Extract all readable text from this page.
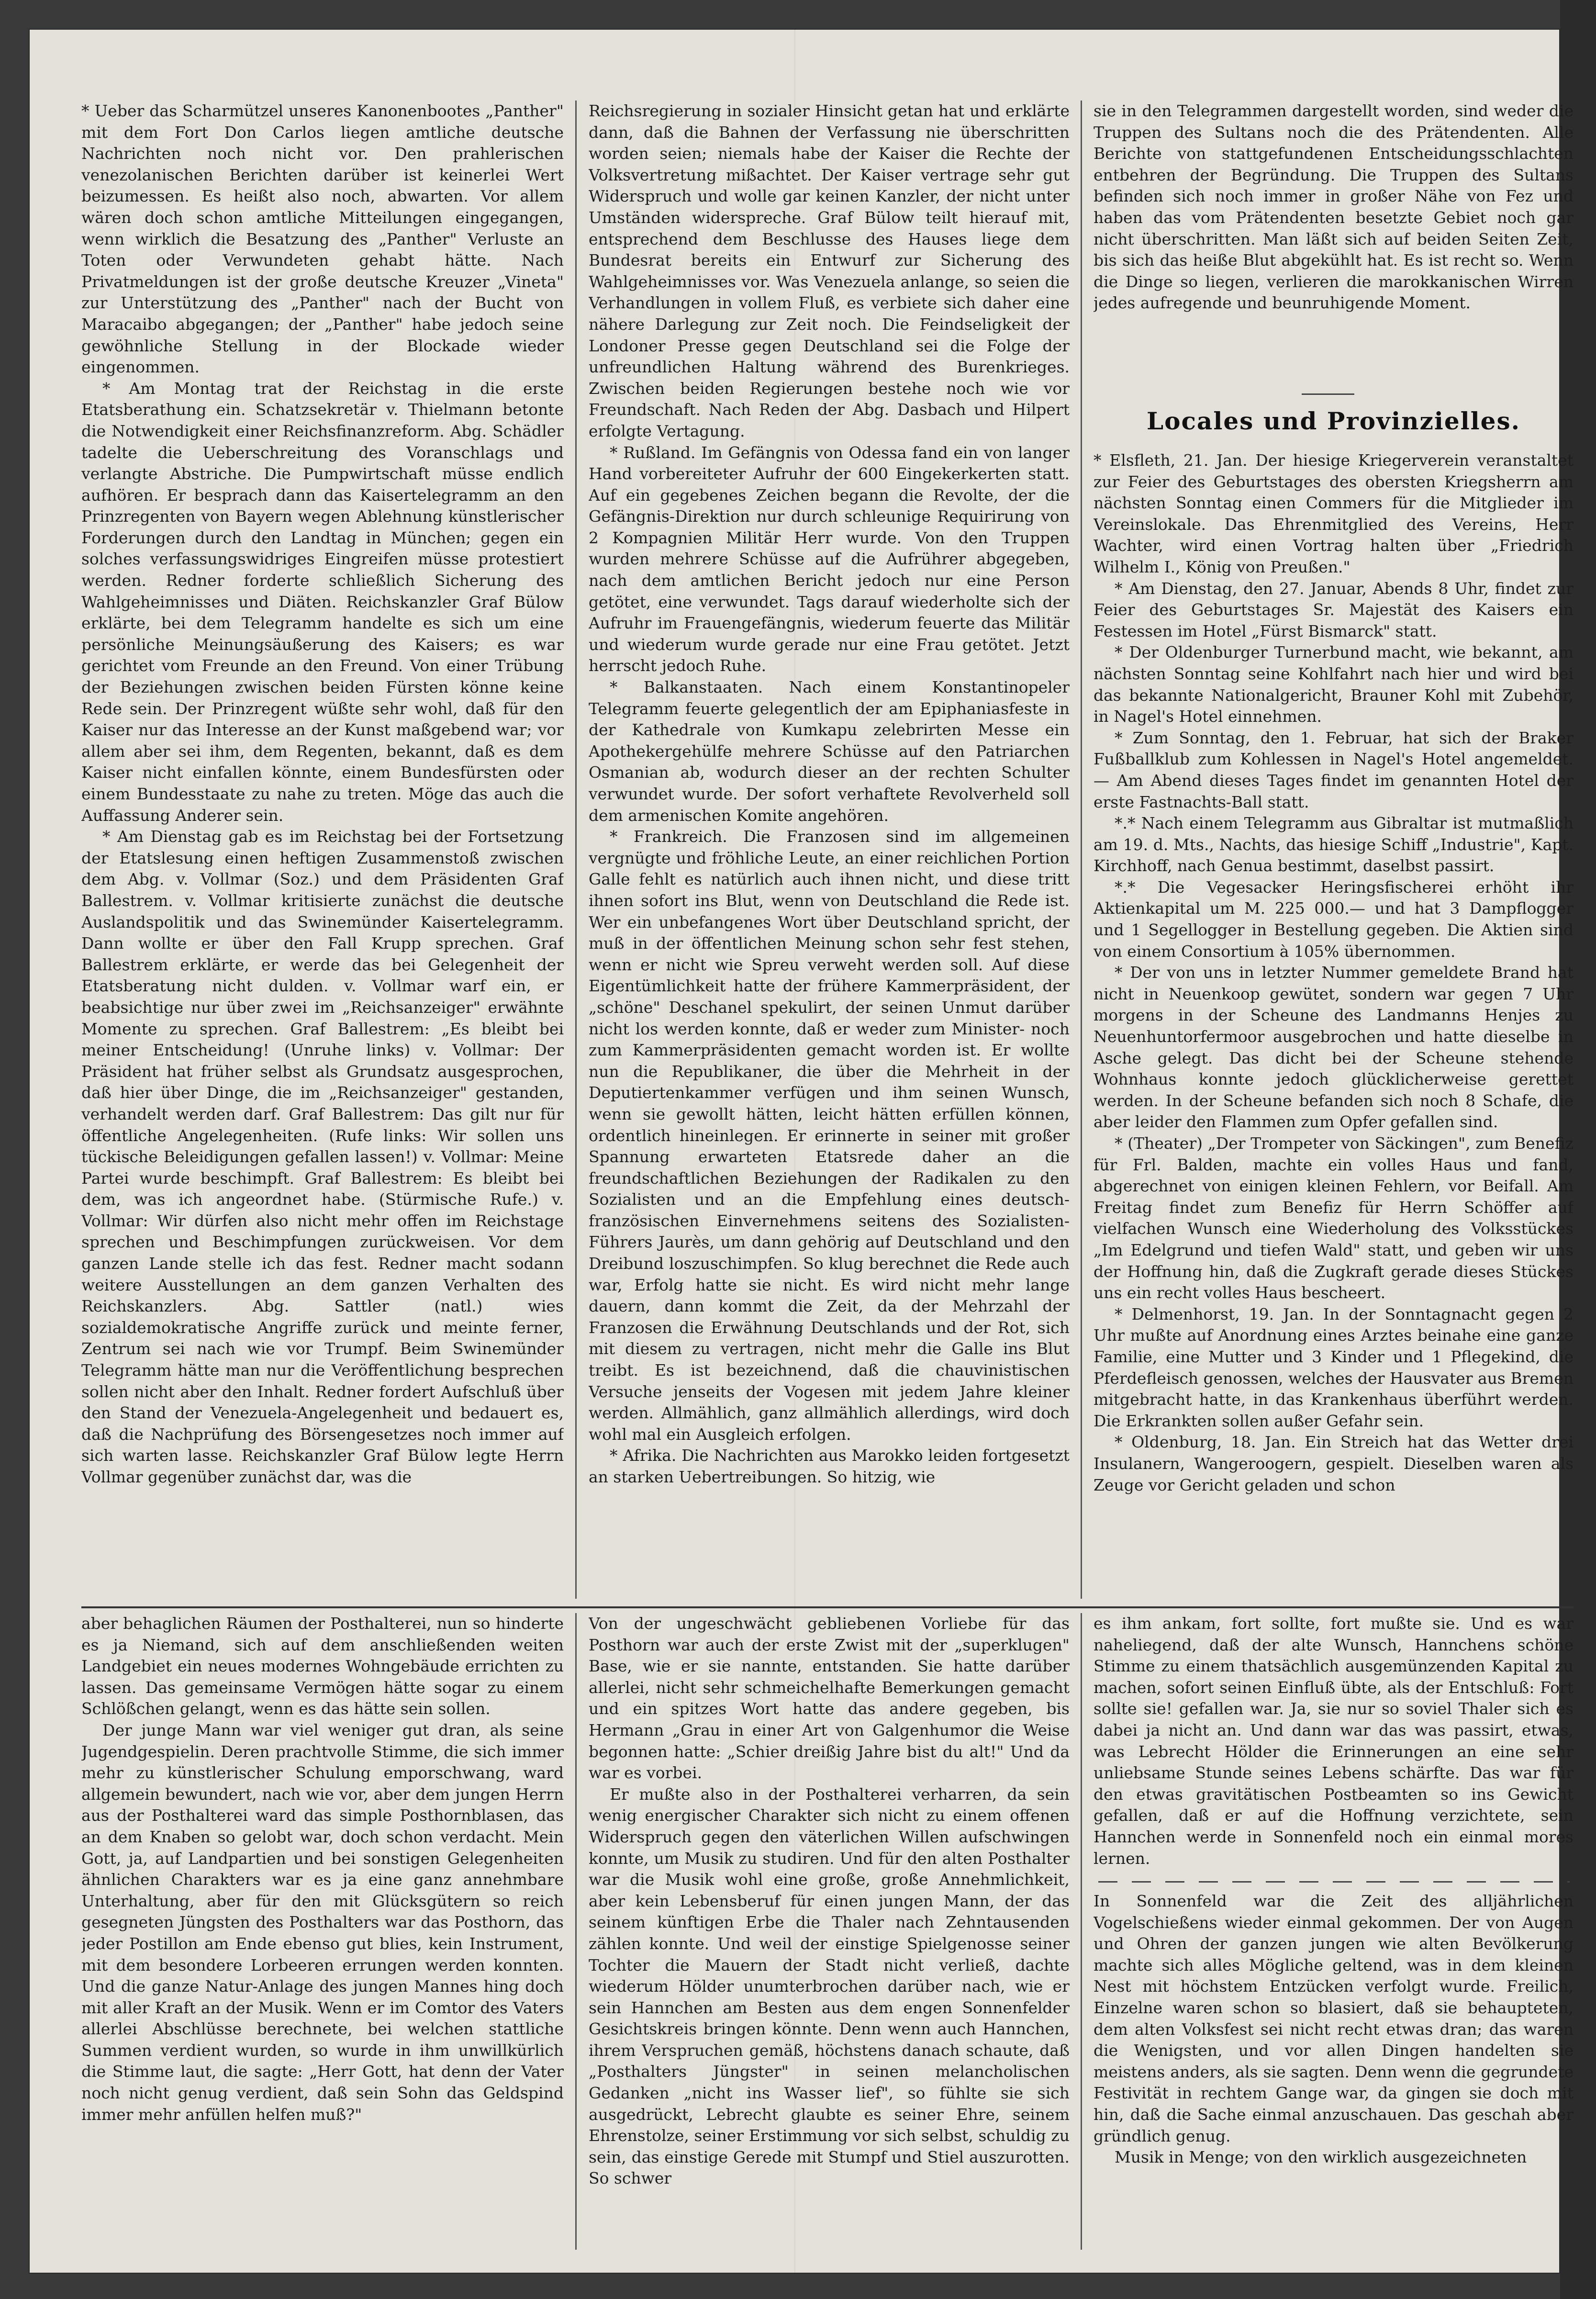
* Ueber das Scharmützel unseres Kanonenbootes „Panther" mit dem Fort Don Carlos liegen amtliche deutsche Nachrichten noch nicht vor. Den prahlerischen venezolanischen Berichten darüber ist keinerlei Wert beizumessen. Es heißt also noch, abwarten. Vor allem wären doch schon amtliche Mitteilungen eingegangen, wenn wirklich die Besatzung des „Panther" Verluste an Toten oder Verwundeten gehabt hätte. Nach Privatmeldungen ist der große deutsche Kreuzer „Vineta" zur Unterstützung des „Panther" nach der Bucht von Maracaibo abgegangen; der „Panther" habe jedoch seine gewöhnliche Stellung in der Blockade wieder eingenommen.

* Am Montag trat der Reichstag in die erste Etatsberathung ein. Schatzsekretär v. Thielmann betonte die Notwendigkeit einer Reichsfinanzreform. Abg. Schädler tadelte die Ueberschreitung des Voranschlags und verlangte Abstriche. Die Pumpwirtschaft müsse endlich aufhören. Er besprach dann das Kaisertelegramm an den Prinzregenten von Bayern wegen Ablehnung künstlerischer Forderungen durch den Landtag in München; gegen ein solches verfassungswidriges Eingreifen müsse protestiert werden. Redner forderte schließlich Sicherung des Wahlgeheimnisses und Diäten. Reichskanzler Graf Bülow erklärte, bei dem Telegramm handelte es sich um eine persönliche Meinungsäußerung des Kaisers; es war gerichtet vom Freunde an den Freund. Von einer Trübung der Beziehungen zwischen beiden Fürsten könne keine Rede sein. Der Prinzregent wüßte sehr wohl, daß für den Kaiser nur das Interesse an der Kunst maßgebend war; vor allem aber sei ihm, dem Regenten, bekannt, daß es dem Kaiser nicht einfallen könnte, einem Bundesfürsten oder einem Bundesstaate zu nahe zu treten. Möge das auch die Auffassung Anderer sein.

* Am Dienstag gab es im Reichstag bei der Fortsetzung der Etatslesung einen heftigen Zusammenstoß zwischen dem Abg. v. Vollmar (Soz.) und dem Präsidenten Graf Ballestrem. v. Vollmar kritisierte zunächst die deutsche Auslandspolitik und das Swinemünder Kaisertelegramm. Dann wollte er über den Fall Krupp sprechen. Graf Ballestrem erklärte, er werde das bei Gelegenheit der Etatsberatung nicht dulden. v. Vollmar warf ein, er beabsichtige nur über zwei im „Reichsanzeiger" erwähnte Momente zu sprechen. Graf Ballestrem: „Es bleibt bei meiner Entscheidung! (Unruhe links) v. Vollmar: Der Präsident hat früher selbst als Grundsatz ausgesprochen, daß hier über Dinge, die im „Reichsanzeiger" gestanden, verhandelt werden darf. Graf Ballestrem: Das gilt nur für öffentliche Angelegenheiten. (Rufe links: Wir sollen uns tückische Beleidigungen gefallen lassen!) v. Vollmar: Meine Partei wurde beschimpft. Graf Ballestrem: Es bleibt bei dem, was ich angeordnet habe. (Stürmische Rufe.) v. Vollmar: Wir dürfen also nicht mehr offen im Reichstage sprechen und Beschimpfungen zurückweisen. Vor dem ganzen Lande stelle ich das fest. Redner macht sodann weitere Ausstellungen an dem ganzen Verhalten des Reichskanzlers. Abg. Sattler (natl.) wies sozialdemokratische Angriffe zurück und meinte ferner, Zentrum sei nach wie vor Trumpf. Beim Swinemünder Telegramm hätte man nur die Veröffentlichung besprechen sollen nicht aber den Inhalt. Redner fordert Aufschluß über den Stand der Venezuela-Angelegenheit und bedauert es, daß die Nachprüfung des Börsengesetzes noch immer auf sich warten lasse. Reichskanzler Graf Bülow legte Herrn Vollmar gegenüber zunächst dar, was die

Reichsregierung in sozialer Hinsicht getan hat und erklärte dann, daß die Bahnen der Verfassung nie überschritten worden seien; niemals habe der Kaiser die Rechte der Volksvertretung mißachtet. Der Kaiser vertrage sehr gut Widerspruch und wolle gar keinen Kanzler, der nicht unter Umständen widerspreche. Graf Bülow teilt hierauf mit, entsprechend dem Beschlusse des Hauses liege dem Bundesrat bereits ein Entwurf zur Sicherung des Wahlgeheimnisses vor. Was Venezuela anlange, so seien die Verhandlungen in vollem Fluß, es verbiete sich daher eine nähere Darlegung zur Zeit noch. Die Feindseligkeit der Londoner Presse gegen Deutschland sei die Folge der unfreundlichen Haltung während des Burenkrieges. Zwischen beiden Regierungen bestehe noch wie vor Freundschaft. Nach Reden der Abg. Dasbach und Hilpert erfolgte Vertagung.

* Rußland. Im Gefängnis von Odessa fand ein von langer Hand vorbereiteter Aufruhr der 600 Eingekerkerten statt. Auf ein gegebenes Zeichen begann die Revolte, der die Gefängnis-Direktion nur durch schleunige Requirirung von 2 Kompagnien Militär Herr wurde. Von den Truppen wurden mehrere Schüsse auf die Aufrührer abgegeben, nach dem amtlichen Bericht jedoch nur eine Person getötet, eine verwundet. Tags darauf wiederholte sich der Aufruhr im Frauengefängnis, wiederum feuerte das Militär und wiederum wurde gerade nur eine Frau getötet. Jetzt herrscht jedoch Ruhe.

* Balkanstaaten. Nach einem Konstantinopeler Telegramm feuerte gelegentlich der am Epiphaniasfeste in der Kathedrale von Kumkapu zelebrirten Messe ein Apothekergehülfe mehrere Schüsse auf den Patriarchen Osmanian ab, wodurch dieser an der rechten Schulter verwundet wurde. Der sofort verhaftete Revolverheld soll dem armenischen Komite angehören.

* Frankreich. Die Franzosen sind im allgemeinen vergnügte und fröhliche Leute, an einer reichlichen Portion Galle fehlt es natürlich auch ihnen nicht, und diese tritt ihnen sofort ins Blut, wenn von Deutschland die Rede ist. Wer ein unbefangenes Wort über Deutschland spricht, der muß in der öffentlichen Meinung schon sehr fest stehen, wenn er nicht wie Spreu verweht werden soll. Auf diese Eigentümlichkeit hatte der frühere Kammerpräsident, der „schöne" Deschanel spekulirt, der seinen Unmut darüber nicht los werden konnte, daß er weder zum Minister- noch zum Kammerpräsidenten gemacht worden ist. Er wollte nun die Republikaner, die über die Mehrheit in der Deputiertenkammer verfügen und ihm seinen Wunsch, wenn sie gewollt hätten, leicht hätten erfüllen können, ordentlich hineinlegen. Er erinnerte in seiner mit großer Spannung erwarteten Etatsrede daher an die freundschaftlichen Beziehungen der Radikalen zu den Sozialisten und an die Empfehlung eines deutsch-französischen Einvernehmens seitens des Sozialisten-Führers Jaurès, um dann gehörig auf Deutschland und den Dreibund loszuschimpfen. So klug berechnet die Rede auch war, Erfolg hatte sie nicht. Es wird nicht mehr lange dauern, dann kommt die Zeit, da der Mehrzahl der Franzosen die Erwähnung Deutschlands und der Rot, sich mit diesem zu vertragen, nicht mehr die Galle ins Blut treibt. Es ist bezeichnend, daß die chauvinistischen Versuche jenseits der Vogesen mit jedem Jahre kleiner werden. Allmählich, ganz allmählich allerdings, wird doch wohl mal ein Ausgleich erfolgen.

* Afrika. Die Nachrichten aus Marokko leiden fortgesetzt an starken Uebertreibungen. So hitzig, wie

sie in den Telegrammen dargestellt worden, sind weder die Truppen des Sultans noch die des Prätendenten. Alle Berichte von stattgefundenen Entscheidungsschlachten entbehren der Begründung. Die Truppen des Sultans befinden sich noch immer in großer Nähe von Fez und haben das vom Prätendenten besetzte Gebiet noch gar nicht überschritten. Man läßt sich auf beiden Seiten Zeit, bis sich das heiße Blut abgekühlt hat. Es ist recht so. Wenn die Dinge so liegen, verlieren die marokkanischen Wirren jedes aufregende und beunruhigende Moment.

Locales und Provinzielles.

* Elsfleth, 21. Jan. Der hiesige Kriegerverein veranstaltet zur Feier des Geburtstages des obersten Kriegsherrn am nächsten Sonntag einen Commers für die Mitglieder im Vereinslokale. Das Ehrenmitglied des Vereins, Herr Wachter, wird einen Vortrag halten über „Friedrich Wilhelm I., König von Preußen."

* Am Dienstag, den 27. Januar, Abends 8 Uhr, findet zur Feier des Geburtstages Sr. Majestät des Kaisers ein Festessen im Hotel „Fürst Bismarck" statt.

* Der Oldenburger Turnerbund macht, wie bekannt, am nächsten Sonntag seine Kohlfahrt nach hier und wird bei das bekannte Nationalgericht, Brauner Kohl mit Zubehör, in Nagel's Hotel einnehmen.

* Zum Sonntag, den 1. Februar, hat sich der Braker Fußballklub zum Kohlessen in Nagel's Hotel angemeldet. — Am Abend dieses Tages findet im genannten Hotel der erste Fastnachts-Ball statt.

*.* Nach einem Telegramm aus Gibraltar ist mutmaßlich am 19. d. Mts., Nachts, das hiesige Schiff „Industrie", Kapt. Kirchhoff, nach Genua bestimmt, daselbst passirt.

*.* Die Vegesacker Heringsfischerei erhöht ihr Aktienkapital um M. 225 000.— und hat 3 Dampflogger und 1 Segellogger in Bestellung gegeben. Die Aktien sind von einem Consortium à 105% übernommen.

* Der von uns in letzter Nummer gemeldete Brand hat nicht in Neuenkoop gewütet, sondern war gegen 7 Uhr morgens in der Scheune des Landmanns Henjes zu Neuenhuntorfermoor ausgebrochen und hatte dieselbe in Asche gelegt. Das dicht bei der Scheune stehende Wohnhaus konnte jedoch glücklicherweise gerettet werden. In der Scheune befanden sich noch 8 Schafe, die aber leider den Flammen zum Opfer gefallen sind.

* (Theater) „Der Trompeter von Säckingen", zum Benefiz für Frl. Balden, machte ein volles Haus und fand, abgerechnet von einigen kleinen Fehlern, vor Beifall. Am Freitag findet zum Benefiz für Herrn Schöffer auf vielfachen Wunsch eine Wiederholung des Volksstückes „Im Edelgrund und tiefen Wald" statt, und geben wir uns der Hoffnung hin, daß die Zugkraft gerade dieses Stückes uns ein recht volles Haus bescheert.

* Delmenhorst, 19. Jan. In der Sonntagnacht gegen 2 Uhr mußte auf Anordnung eines Arztes beinahe eine ganze Familie, eine Mutter und 3 Kinder und 1 Pflegekind, die Pferdefleisch genossen, welches der Hausvater aus Bremen mitgebracht hatte, in das Krankenhaus überführt werden. Die Erkrankten sollen außer Gefahr sein.

* Oldenburg, 18. Jan. Ein Streich hat das Wetter drei Insulanern, Wangeroogern, gespielt. Dieselben waren als Zeuge vor Gericht geladen und schon

aber behaglichen Räumen der Posthalterei, nun so hinderte es ja Niemand, sich auf dem anschließenden weiten Landgebiet ein neues modernes Wohngebäude errichten zu lassen. Das gemeinsame Vermögen hätte sogar zu einem Schlößchen gelangt, wenn es das hätte sein sollen.

Der junge Mann war viel weniger gut dran, als seine Jugendgespielin. Deren prachtvolle Stimme, die sich immer mehr zu künstlerischer Schulung emporschwang, ward allgemein bewundert, nach wie vor, aber dem jungen Herrn aus der Posthalterei ward das simple Posthornblasen, das an dem Knaben so gelobt war, doch schon verdacht. Mein Gott, ja, auf Landpartien und bei sonstigen Gelegenheiten ähnlichen Charakters war es ja eine ganz annehmbare Unterhaltung, aber für den mit Glücksgütern so reich gesegneten Jüngsten des Posthalters war das Posthorn, das jeder Postillon am Ende ebenso gut blies, kein Instrument, mit dem besondere Lorbeeren errungen werden konnten. Und die ganze Natur-Anlage des jungen Mannes hing doch mit aller Kraft an der Musik. Wenn er im Comtor des Vaters allerlei Abschlüsse berechnete, bei welchen stattliche Summen verdient wurden, so wurde in ihm unwillkürlich die Stimme laut, die sagte: „Herr Gott, hat denn der Vater noch nicht genug verdient, daß sein Sohn das Geldspind immer mehr anfüllen helfen muß?"

Von der ungeschwächt gebliebenen Vorliebe für das Posthorn war auch der erste Zwist mit der „superklugen" Base, wie er sie nannte, entstanden. Sie hatte darüber allerlei, nicht sehr schmeichelhafte Bemerkungen gemacht und ein spitzes Wort hatte das andere gegeben, bis Hermann „Grau in einer Art von Galgenhumor die Weise begonnen hatte: „Schier dreißig Jahre bist du alt!" Und da war es vorbei.

Er mußte also in der Posthalterei verharren, da sein wenig energischer Charakter sich nicht zu einem offenen Widerspruch gegen den väterlichen Willen aufschwingen konnte, um Musik zu studiren. Und für den alten Posthalter war die Musik wohl eine große, große Annehmlichkeit, aber kein Lebensberuf für einen jungen Mann, der das seinem künftigen Erbe die Thaler nach Zehntausenden zählen konnte. Und weil der einstige Spielgenosse seiner Tochter die Mauern der Stadt nicht verließ, dachte wiederum Hölder unumterbrochen darüber nach, wie er sein Hannchen am Besten aus dem engen Sonnenfelder Gesichtskreis bringen könnte. Denn wenn auch Hannchen, ihrem Verspruchen gemäß, höchstens danach schaute, daß „Posthalters Jüngster" in seinen melancholischen Gedanken „nicht ins Wasser lief", so fühlte sie sich ausgedrückt, Lebrecht glaubte es seiner Ehre, seinem Ehrenstolze, seiner Erstimmung vor sich selbst, schuldig zu sein, das einstige Gerede mit Stumpf und Stiel auszurotten. So schwer

es ihm ankam, fort sollte, fort mußte sie. Und es war naheliegend, daß der alte Wunsch, Hannchens schöne Stimme zu einem thatsächlich ausgemünzenden Kapital zu machen, sofort seinen Einfluß übte, als der Entschluß: Fort sollte sie! gefallen war. Ja, sie nur so soviel Thaler sich es dabei ja nicht an. Und dann war das was passirt, etwas, was Lebrecht Hölder die Erinnerungen an eine sehr unliebsame Stunde seines Lebens schärfte. Das war für den etwas gravitätischen Postbeamten so ins Gewicht gefallen, daß er auf die Hoffnung verzichtete, sein Hannchen werde in Sonnenfeld noch ein einmal mores lernen.

In Sonnenfeld war die Zeit des alljährlichen Vogelschießens wieder einmal gekommen. Der von Augen und Ohren der ganzen jungen wie alten Bevölkerung machte sich alles Mögliche geltend, was in dem kleinen Nest mit höchstem Entzücken verfolgt wurde. Freilich, Einzelne waren schon so blasiert, daß sie behaupteten, dem alten Volksfest sei nicht recht etwas dran; das waren die Wenigsten, und vor allen Dingen handelten sie meistens anders, als sie sagten. Denn wenn die gegrundete Festivität in rechtem Gange war, da gingen sie doch mit hin, daß die Sache einmal anzuschauen. Das geschah aber gründlich genug.

Musik in Menge; von den wirklich ausgezeichneten
